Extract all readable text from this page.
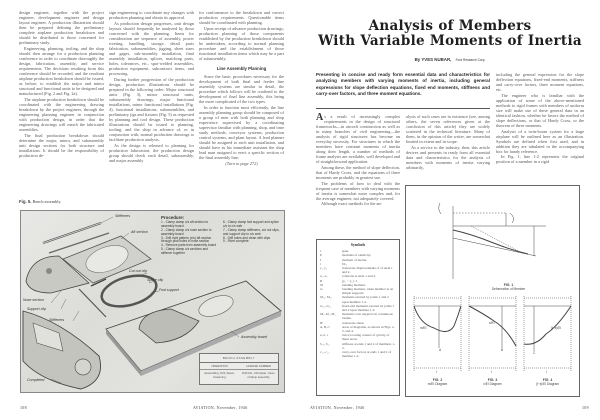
design engineer, together with the project engineer, development engineer and design layout engineer. A production illustration should then be prepared defining the preliminary complete airplane production breakdown and should be distributed to those concerned for preliminary study.

Engineering, planning, tooling, and the shop should then arrange for a production planning conference in order to coordinate thoroughly the design, fabrication, assembly, and service requirements. The decisions resulting from this conference should be recorded, and the resultant airplane production breakdown should be issued, as before, to establish the major and minor structural and functional units to be designed and manufactured (Fig. 2 and Fig. 2a).

The airplane production breakdown should be coordinated with the engineering drawing breakdown by the project engineer, through the engineering planning engineer in conjunction with production design, in order that the engineering drawings will match the fabricated assemblies.

The final production breakdown should determine the major, minor, and subassembly unit design sections for both structure and installations. It should be the responsibility of production de-

sign engineering to coordinate any changes with production planning and obtain its approval.

As production design progresses, unit design layouts should frequently be analyzed by those concerned with the planning. Items for consideration are sequence of assembly, power riveting, handling, storage, detail parts fabrication, subassemblies, jigging, sheet sizes and gages, sub-assembly installation, final assembly installation, splices, matching parts, holes, tolerances, etc., spot-welded assemblies, production equipment, subcontract items, and processing.

During further progression of the production design, production illustrations should be prepared in the following order: Major structural units (Fig. 3), minor structural units, subassembly drawings, major functional installations, minor functional installations (Fig. 4), functional installations, subassemblies, and preliminary jigs and fixtures (Fig. 5) as requested by planning and tool design. These production illustrations should be issued to planning, tooling, and the shop in advance of, or in conjunction with, normal production drawings to facilitate production analysis.

As the design is released to planning for production fabrication, the production design group should check each detail, subassembly, and major assembly

for conformance to the breakdown and correct production requirements. Questionable items should be coordinated with planning.

Upon receipt of advance production drawings, production planning of those components established by the production breakdown should be undertaken, according to normal planning procedure and the establishment of those functional installation items which may be a part of subassembly.

Line Assembly Planning

Since the basic procedures necessary for the development of both final and feeder line assembly systems are similar in detail, the procedure which follows will be confined to the development of final line assembly, this being the more complicated of the two types.

In order to function most efficiently, the line assembly planning group should be composed of a group of men with both planning and shop experience supervised by a coordinating supervisor familiar with planning, shop, and time study methods, conveyor systems, production control systems, and plant layout. A lead planner should be assigned to each unit installation, and should have as his immediate assistant the shop lead man assigned to erect a specific section of the final assembly line;

(Turn to page 272)
Fig. 5. Bench assembly.
Stiffeners
Aft section
Cut out clip
Splice clip
Fwd support
Nose section
Support clip
Stiffeners
Assembly board
Completed
Procedure:
1 - Clamp clamp c/s aft section to assembly board
2 - Clamp clamp c/s nose section to assembly board
3 - Drill rivet pattern (c/s) aft section through pilot holes in nose section
4 - Remove parts from assembly board
5 - Clamp clamp c/s sections and stiffener together
6 - Clamp clamp fwd support and splice c/s to c/s web
7 - Clamp clamp stiffeners, cut out clips, and support clip to c/s web
8 - Drill holes and clean with clips
9 - Rivet complete
BENCH ASSEMBLY
OPERATION	LICENSE NUMBER
Assembling, Drill, Ream, Fastening
Drill bits - Drill plate, Cleco c/clamp assembly
108	AVIATION, November, 1946
Analysis of Members
With Variable Moments of Inertia
By YVES NUBAR, Ford Research Corp.
Presenting in concise and ready form essential data and characteristics for analyzing members with varying moments of inertia, including general expressions for slope deflection equations, fixed end moments, stiffness and carry-over factors, and three moment equations.

As a result of increasingly complex requirements in the design of structural frameworks—in aircraft construction as well as in many branches of civil engineering—the analysis of rigid structures has become an everyday necessity. For structures in which the members have constant moments of inertia along their length, a number of methods of frame analysis are available, well developed and of straightforward application.

Among these, the method of slope deflection, that of Hardy Cross, and the equations of three moments are probably in greatest use.

The problems of how to deal with the frequent case of members with varying moments of inertia is somewhat more complex and, for the average engineer, not adequately covered.

Although exact methods for the an-

alysis of such cases are in existence (see, among others, the seven references given at the conclusion of this article) they are widely scattered in the technical literature. Many of them, in the opinion of the writer, are somewhat limited in extent and in scope.

As a service to the industry, then, this article derives and presents in ready form all essential data and characteristics for the analysis of members with moments of inertia varying arbitrarily,

including the general expression for the slope deflection equations, fixed-end moments, stiffness and carry-over factors, three moment equations, etc.

The engineer who is familiar with the application of some of the above-mentioned methods to rigid frames with members of uniform size will make use of these general data in an identical fashion, whether he favors the method of slope deflections, or that of Hardy Cross, or the theorem of three moments.

Analysis of a twin-boom system for a large airplane will be outlined here as an illustration. Symbols are defined when first used, and in addition they are tabulated in the accompanying box for handy reference.

In Fig. 1, line 1-2 represents the original position of a member in a rigid

Symbols
l	span.
E	modulus of elasticity.
I	moment of inertia.
i	I/I₀.
y₁, y₂	transverse displacements of of ends 1 and 2.
α₁, α₂	rotations at ends 1 and 2.
R	(y₂ − y₁) / l.
M	bending moment.
m	bending moment, when member is on simple supports.
M₁₂, M₂₁	moments exerted by joints 1 and 2 upon member 1-2.
m₁₂, m₂₁	fixed-end moments exerted by joints 1 and 2 upon member 1-2.
M₁, M₂, M₃	moments over supports in continuous beams.
H	transverse shear.
A, B, C	areas of diagrams, as shown in Figs. 2, 3, and 4.
a, b, c	twice locating centers of gravity of these areas.
S₁₂, S₂₁	stiffness at ends 1 and 2 of members 1-2.
c₁₂, c₂₁	carry-over factors at ends 1 and 2 of member 1-2.
FIG. 1
Deformation of Member
m/EI
A
l
x/EI
B
l
(l−x)/EI
C
l
FIG. 2
m/EI Diagram
FIG. 3
x/EI Diagram
FIG. 4
(l−x)/EI Diagram
AVIATION, November, 1946	109
